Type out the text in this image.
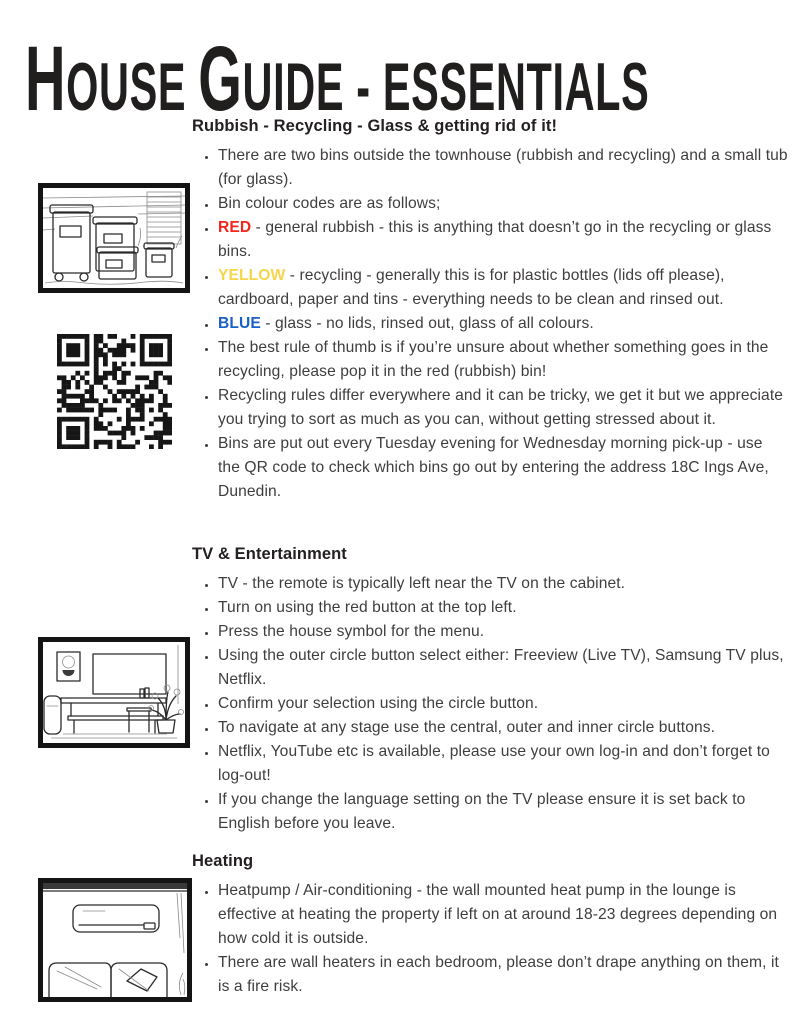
HOUSE GUIDE - ESSENTIALS
Rubbish - Recycling - Glass & getting rid of it!
• There are two bins outside the townhouse (rubbish and recycling) and a small tub (for glass).
• Bin colour codes are as follows;
• RED - general rubbish - this is anything that doesn’t go in the recycling or glass bins.
• YELLOW - recycling - generally this is for plastic bottles (lids off please), cardboard, paper and tins - everything needs to be clean and rinsed out.
• BLUE - glass - no lids, rinsed out, glass of all colours.
• The best rule of thumb is if you’re unsure about whether something goes in the recycling, please pop it in the red (rubbish) bin!
• Recycling rules differ everywhere and it can be tricky, we get it but we appreciate you trying to sort as much as you can, without getting stressed about it.
• Bins are put out every Tuesday evening for Wednesday morning pick-up - use the QR code to check which bins go out by entering the address 18C Ings Ave, Dunedin.
TV & Entertainment
• TV - the remote is typically left near the TV on the cabinet.
• Turn on using the red button at the top left.
• Press the house symbol for the menu.
• Using the outer circle button select either: Freeview (Live TV), Samsung TV plus, Netflix.
• Confirm your selection using the circle button.
• To navigate at any stage use the central, outer and inner circle buttons.
• Netflix, YouTube etc is available, please use your own log-in and don’t forget to log-out!
• If you change the language setting on the TV please ensure it is set back to English before you leave.
Heating
• Heatpump / Air-conditioning - the wall mounted heat pump in the lounge is effective at heating the property if left on at around 18-23 degrees depending on how cold it is outside.
• There are wall heaters in each bedroom, please don’t drape anything on them, it is a fire risk.
